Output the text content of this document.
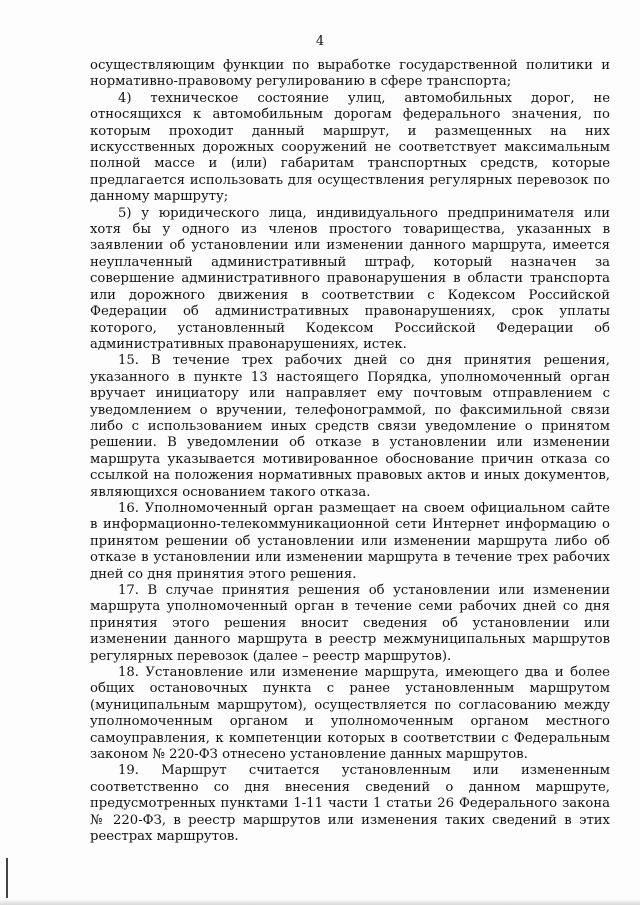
4

осуществляющим функции по выработке государственной политики и нормативно-правовому регулированию в сфере транспорта;

4) техническое состояние улиц, автомобильных дорог, не относящихся к автомобильным дорогам федерального значения, по которым проходит данный маршрут, и размещенных на них искусственных дорожных сооружений не соответствует максимальным полной массе и (или) габаритам транспортных средств, которые предлагается использовать для осуществления регулярных перевозок по данному маршруту;

5) у юридического лица, индивидуального предпринимателя или хотя бы у одного из членов простого товарищества, указанных в заявлении об установлении или изменении данного маршрута, имеется неуплаченный административный штраф, который назначен за совершение административного правонарушения в области транспорта или дорожного движения в соответствии с Кодексом Российской Федерации об административных правонарушениях, срок уплаты которого, установленный Кодексом Российской Федерации об административных правонарушениях, истек.

15. В течение трех рабочих дней со дня принятия решения, указанного в пункте 13 настоящего Порядка, уполномоченный орган вручает инициатору или направляет ему почтовым отправлением с уведомлением о вручении, телефонограммой, по факсимильной связи либо с использованием иных средств связи уведомление о принятом решении. В уведомлении об отказе в установлении или изменении маршрута указывается мотивированное обоснование причин отказа со ссылкой на положения нормативных правовых актов и иных документов, являющихся основанием такого отказа.

16. Уполномоченный орган размещает на своем официальном сайте в информационно-телекоммуникационной сети Интернет информацию о принятом решении об установлении или изменении маршрута либо об отказе в установлении или изменении маршрута в течение трех рабочих дней со дня принятия этого решения.

17. В случае принятия решения об установлении или изменении маршрута уполномоченный орган в течение семи рабочих дней со дня принятия этого решения вносит сведения об установлении или изменении данного маршрута в реестр межмуниципальных маршрутов регулярных перевозок (далее – реестр маршрутов).

18. Установление или изменение маршрута, имеющего два и более общих остановочных пункта с ранее установленным маршрутом (муниципальным маршрутом), осуществляется по согласованию между уполномоченным органом и уполномоченным органом местного самоуправления, к компетенции которых в соответствии с Федеральным законом № 220-ФЗ отнесено установление данных маршрутов.

19. Маршрут считается установленным или измененным соответственно со дня внесения сведений о данном маршруте, предусмотренных пунктами 1-11 части 1 статьи 26 Федерального закона № 220-ФЗ, в реестр маршрутов или изменения таких сведений в этих реестрах маршрутов.
